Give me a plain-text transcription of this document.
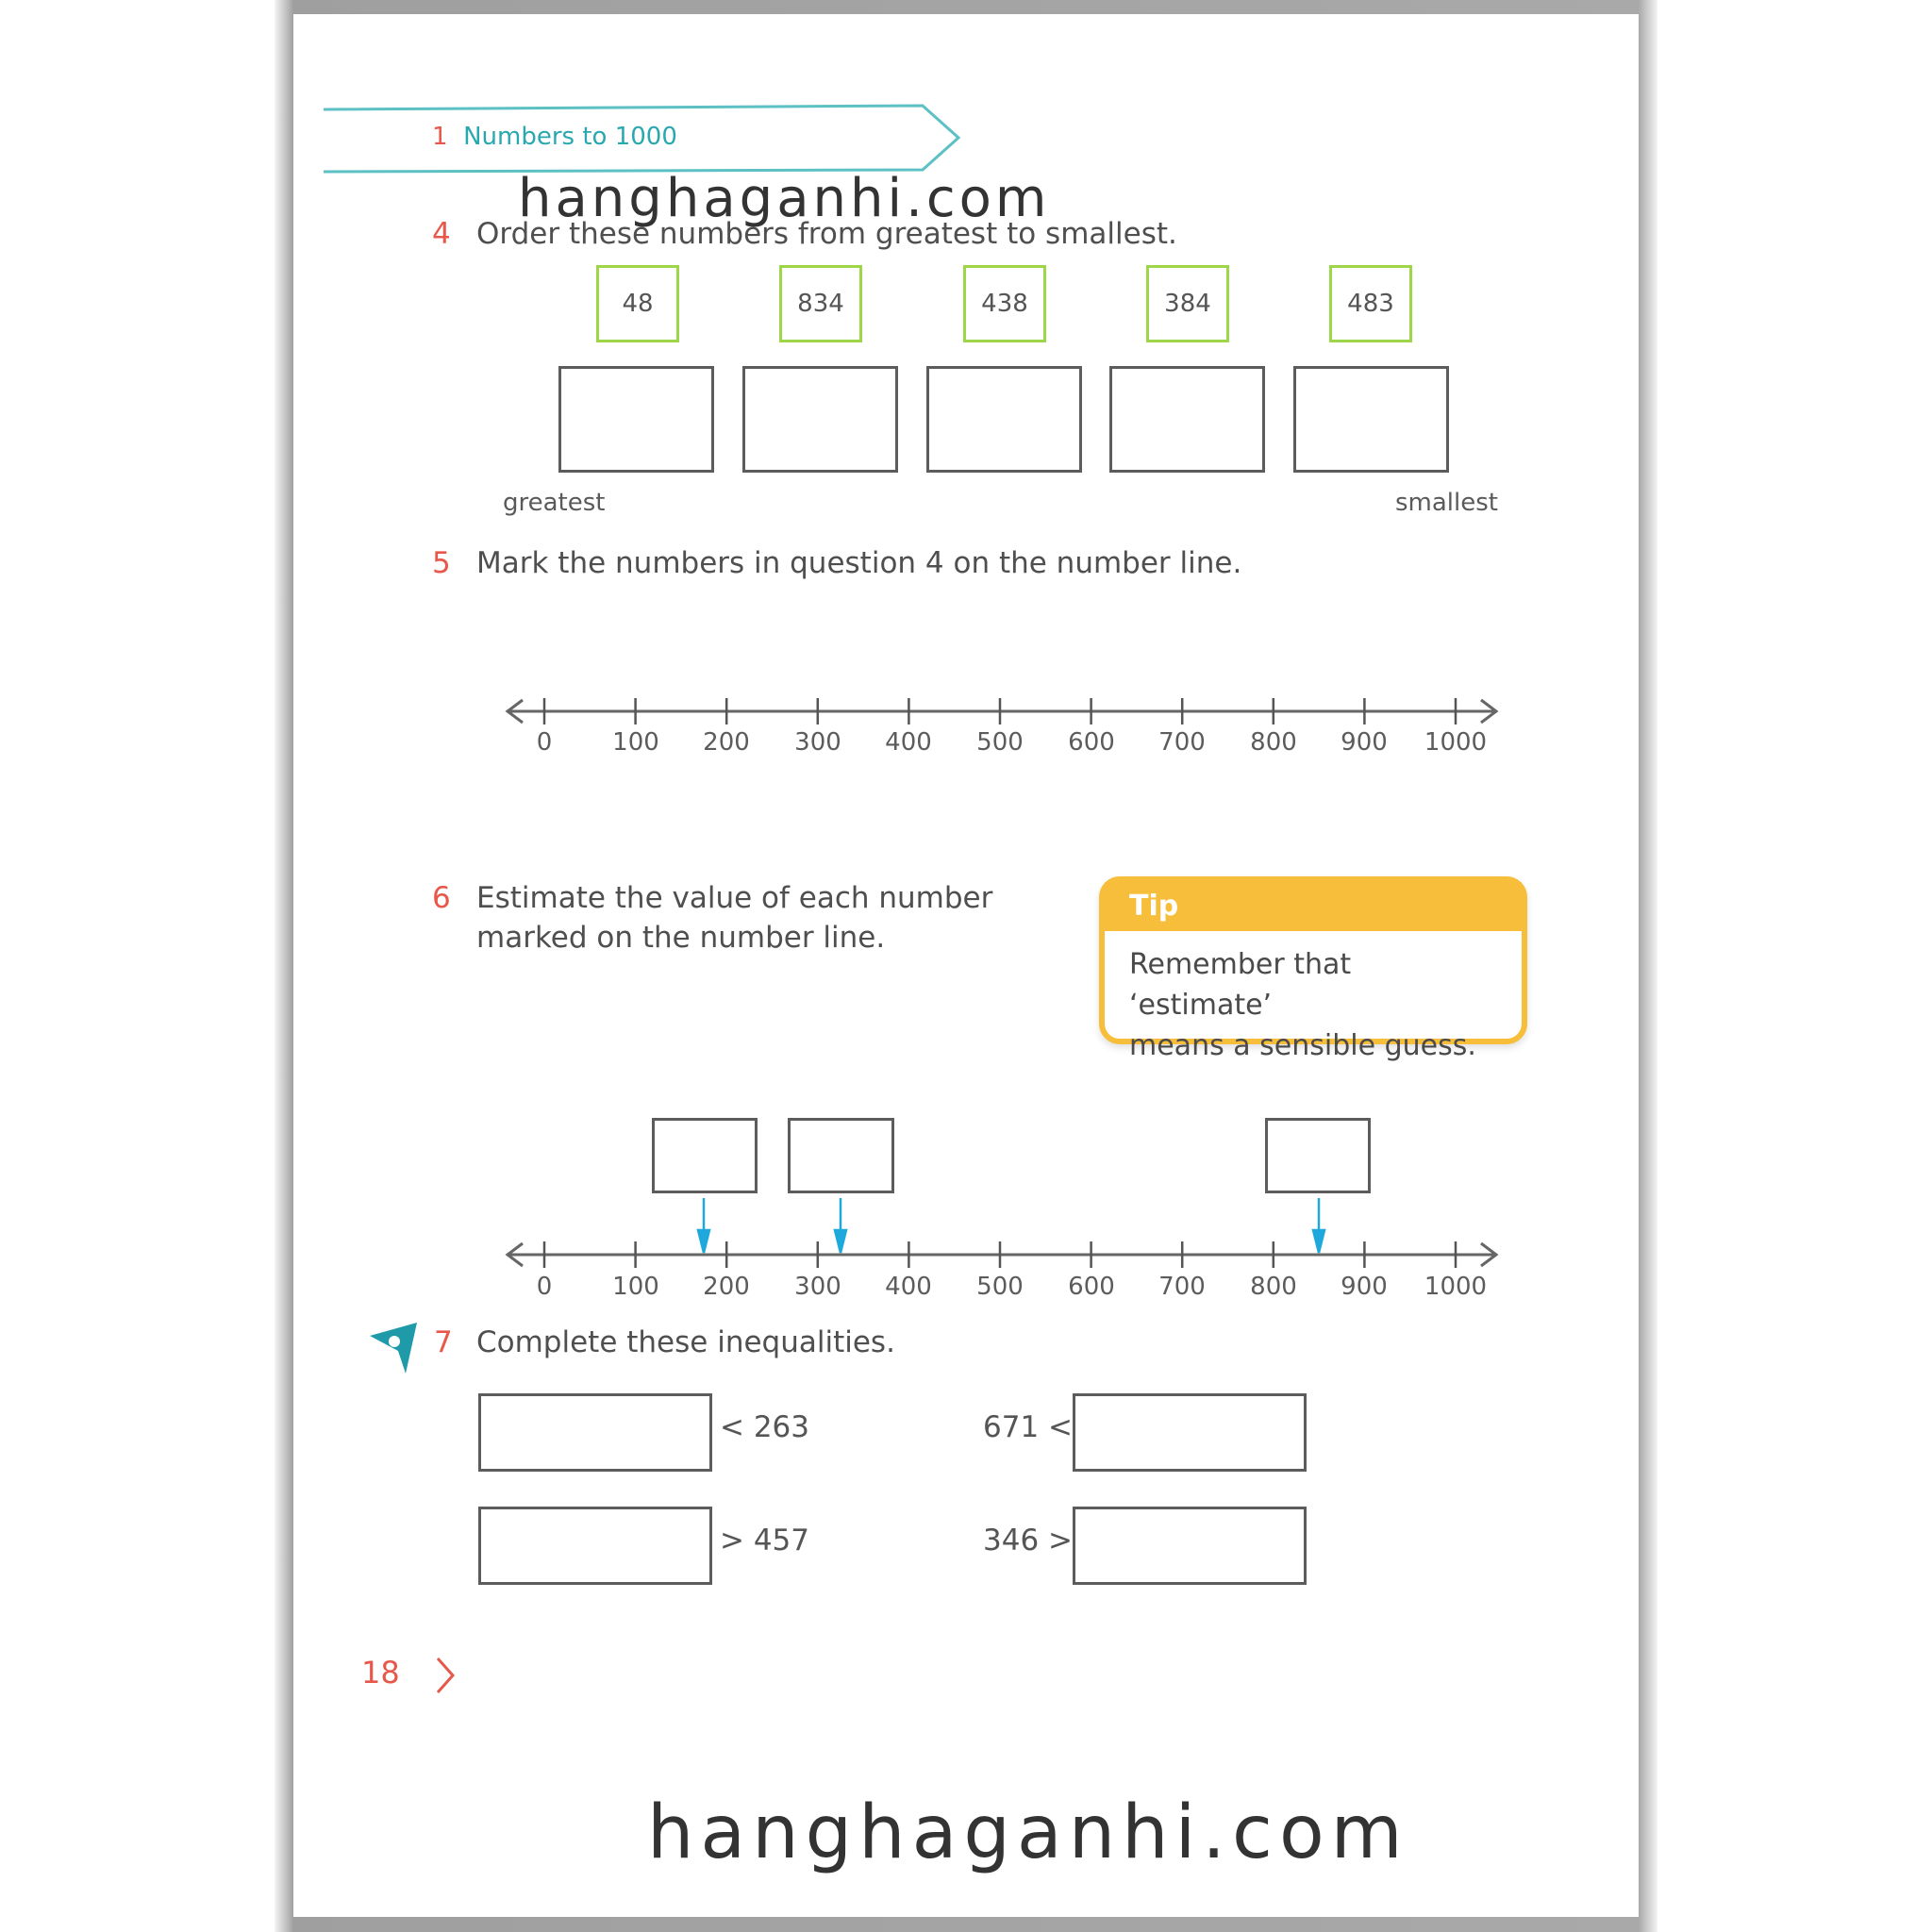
1 Numbers to 1000
hanghaganhi.com
4 Order these numbers from greatest to smallest.
48	834	438	384	483
greatest	smallest
5 Mark the numbers in question 4 on the number line.
0 100 200 300 400 500 600 700 800 900 1000
6 Estimate the value of each number
marked on the number line.
Tip
Remember that ‘estimate’
means a sensible guess.
0 100 200 300 400 500 600 700 800 900 1000
7 Complete these inequalities.
< 263	671 <
> 457	346 >
18
hanghaganhi.com
